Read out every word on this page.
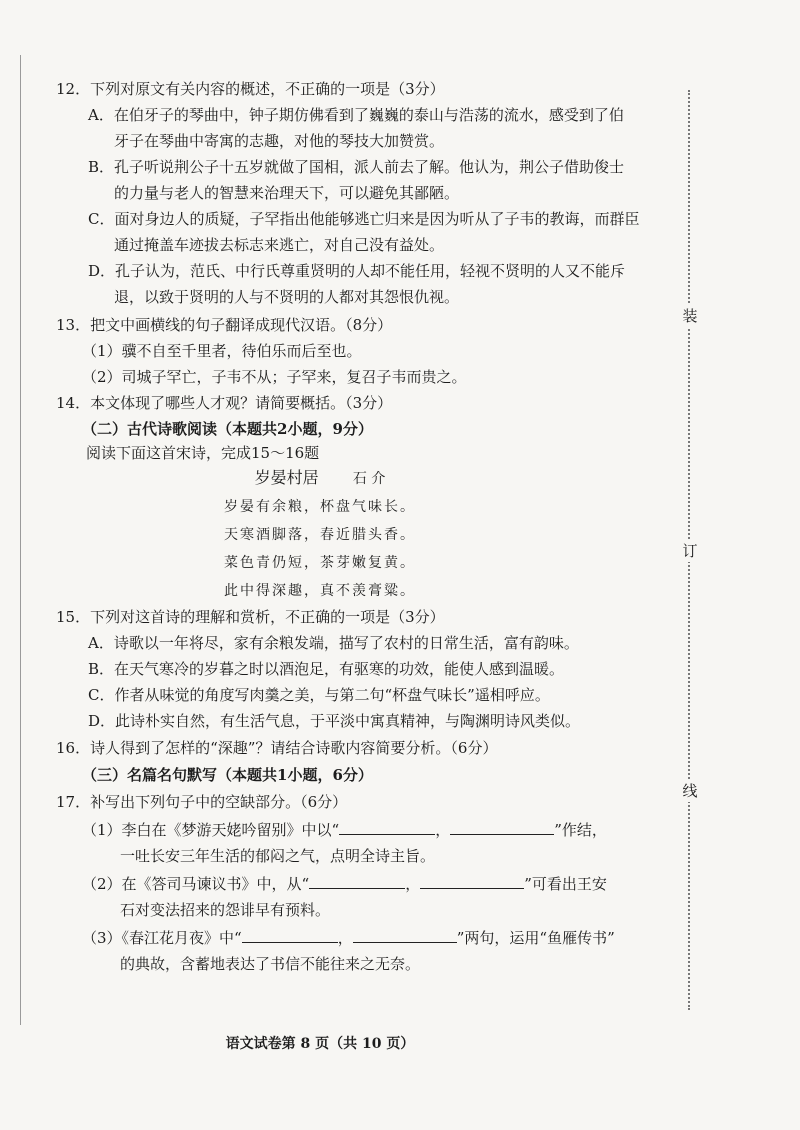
12．下列对原文有关内容的概述，不正确的一项是（3分）
A．在伯牙子的琴曲中，钟子期仿佛看到了巍巍的泰山与浩荡的流水，感受到了伯
牙子在琴曲中寄寓的志趣，对他的琴技大加赞赏。
B．孔子听说荆公子十五岁就做了国相，派人前去了解。他认为，荆公子借助俊士
的力量与老人的智慧来治理天下，可以避免其鄙陋。
C．面对身边人的质疑，子罕指出他能够逃亡归来是因为听从了子韦的教诲，而群臣
通过掩盖车迹拔去标志来逃亡，对自己没有益处。
D．孔子认为，范氏、中行氏尊重贤明的人却不能任用，轻视不贤明的人又不能斥
退，以致于贤明的人与不贤明的人都对其怨恨仇视。
13．把文中画横线的句子翻译成现代汉语。（8分）
（1）骥不自至千里者，待伯乐而后至也。
（2）司城子罕亡，子韦不从；子罕来，复召子韦而贵之。
14．本文体现了哪些人才观？请简要概括。（3分）
（二）古代诗歌阅读（本题共2小题，9分）
阅读下面这首宋诗，完成15～16题
岁晏村居 石 介
岁晏有余粮，杯盘气味长。
天寒酒脚落，春近腊头香。
菜色青仍短，茶芽嫩复黄。
此中得深趣，真不羡膏粱。
15．下列对这首诗的理解和赏析，不正确的一项是（3分）
A．诗歌以一年将尽，家有余粮发端，描写了农村的日常生活，富有韵味。
B．在天气寒冷的岁暮之时以酒泡足，有驱寒的功效，能使人感到温暖。
C．作者从味觉的角度写肉羹之美，与第二句“杯盘气味长”遥相呼应。
D．此诗朴实自然，有生活气息，于平淡中寓真精神，与陶渊明诗风类似。
16．诗人得到了怎样的“深趣”？请结合诗歌内容简要分析。（6分）
（三）名篇名句默写（本题共1小题，6分）
17．补写出下列句子中的空缺部分。（6分）
（1）李白在《梦游天姥吟留别》中以“	，	”作结，
一吐长安三年生活的郁闷之气，点明全诗主旨。
（2）在《答司马谏议书》中，从“	，	”可看出王安
石对变法招来的怨诽早有预料。
（3）《春江花月夜》中“	，	”两句，运用“鱼雁传书”
的典故，含蓄地表达了书信不能往来之无奈。
语文试卷第 8 页（共 10 页）
装
订
线
